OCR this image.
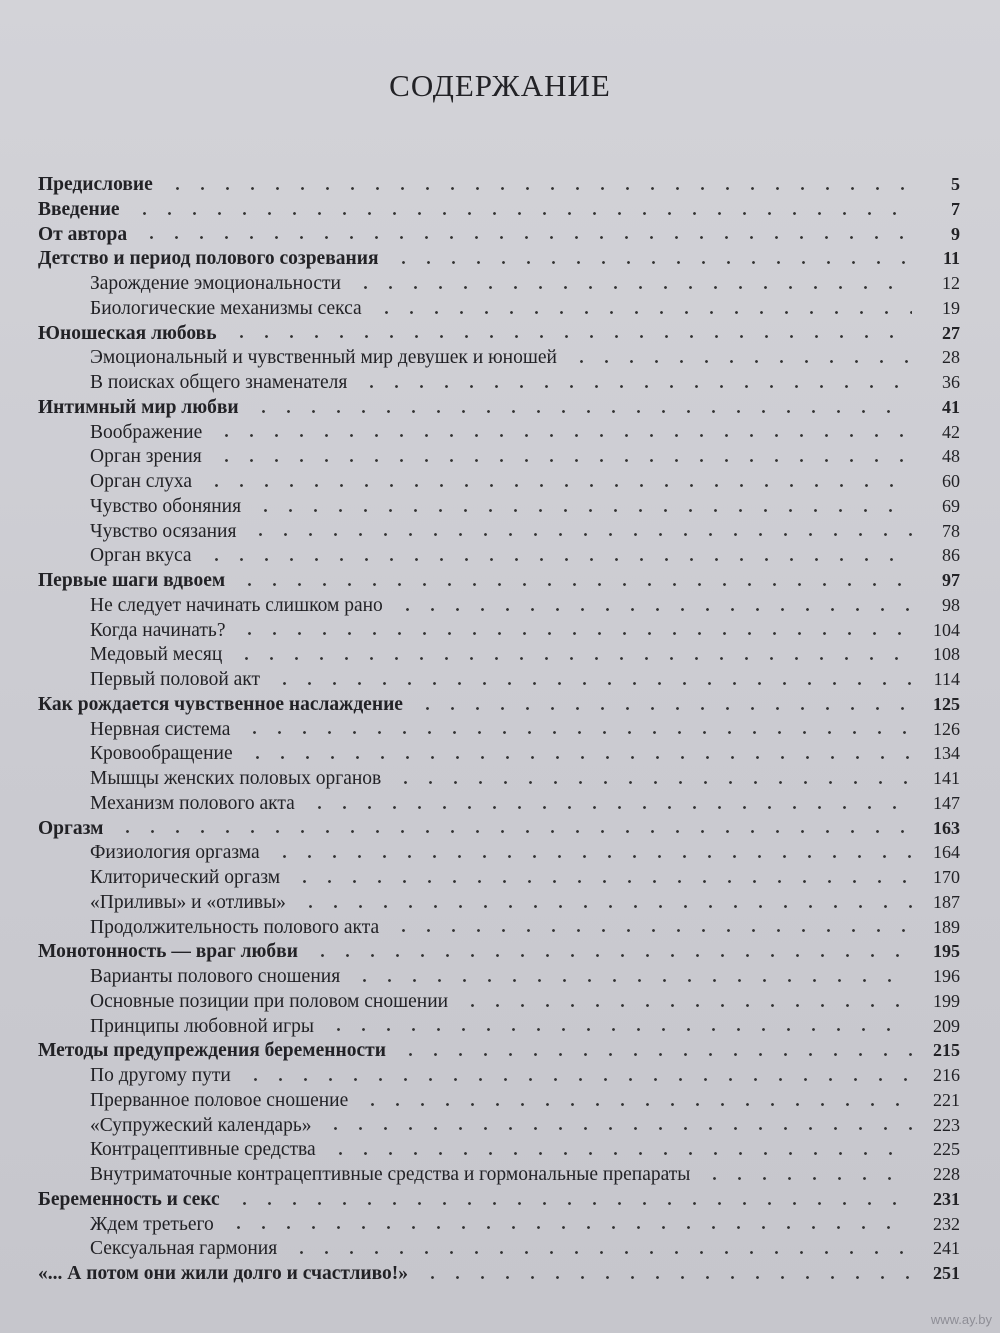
СОДЕРЖАНИЕ
Предисловие	5
Введение	7
От автора	9
Детство и период полового созревания	11
Зарождение эмоциональности	12
Биологические механизмы секса	19
Юношеская любовь	27
Эмоциональный и чувственный мир девушек и юношей	28
В поисках общего знаменателя	36
Интимный мир любви	41
Воображение	42
Орган зрения	48
Орган слуха	60
Чувство обоняния	69
Чувство осязания	78
Орган вкуса	86
Первые шаги вдвоем	97
Не следует начинать слишком рано	98
Когда начинать?	104
Медовый месяц	108
Первый половой акт	114
Как рождается чувственное наслаждение	125
Нервная система	126
Кровообращение	134
Мышцы женских половых органов	141
Механизм полового акта	147
Оргазм	163
Физиология оргазма	164
Клиторический оргазм	170
«Приливы» и «отливы»	187
Продолжительность полового акта	189
Монотонность — враг любви	195
Варианты полового сношения	196
Основные позиции при половом сношении	199
Принципы любовной игры	209
Методы предупреждения беременности	215
По другому пути	216
Прерванное половое сношение	221
«Супружеский календарь»	223
Контрацептивные средства	225
Внутриматочные контрацептивные средства и гормональные препараты	228
Беременность и секс	231
Ждем третьего	232
Сексуальная гармония	241
«... А потом они жили долго и счастливо!»	251
www.ay.by
